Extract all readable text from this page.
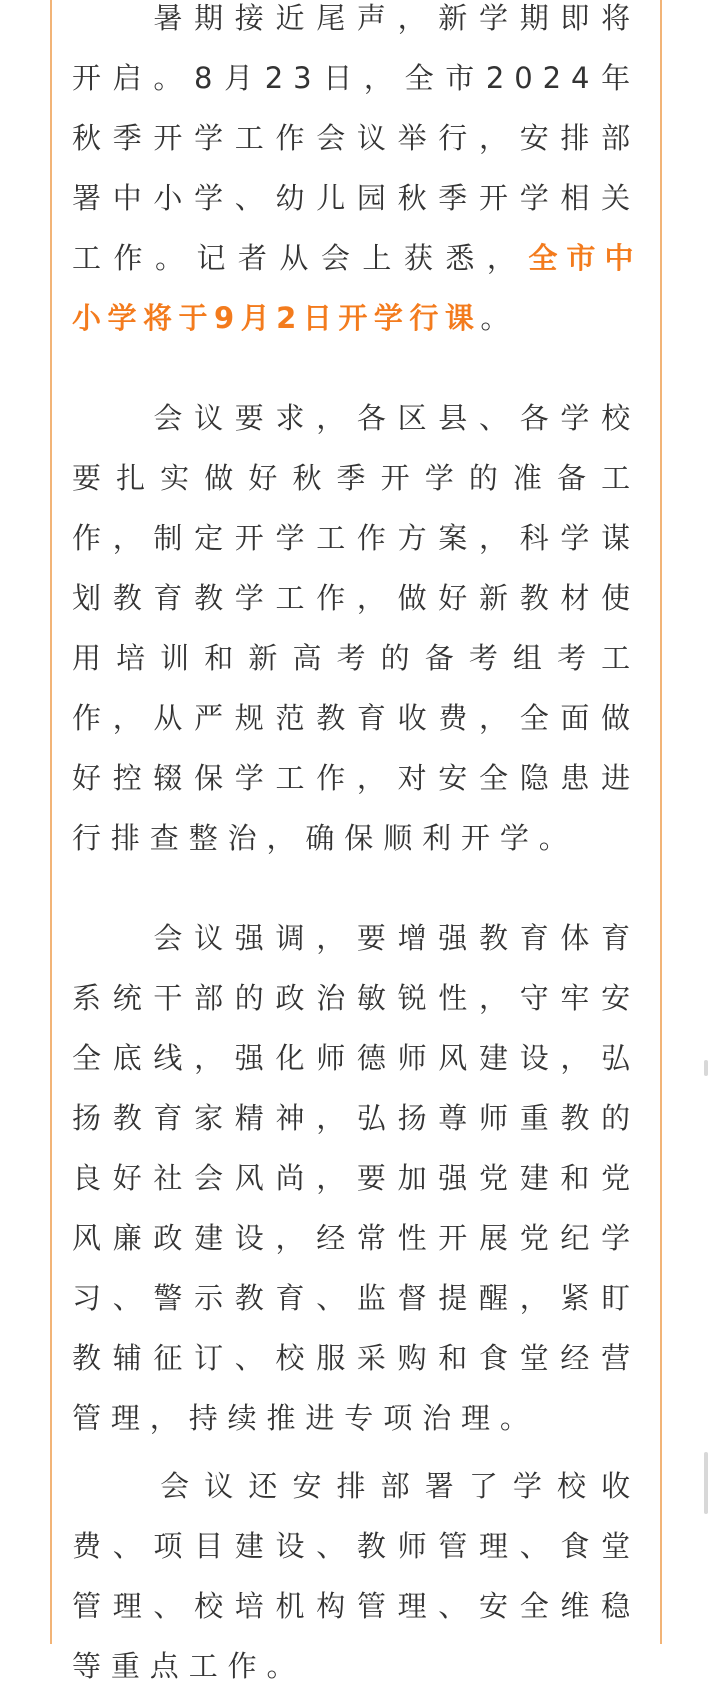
　　暑期接近尾声，新学期即将开启。8月23日，全市2024年秋季开学工作会议举行，安排部署中小学、幼儿园秋季开学相关工作。记者从会上获悉，全市中小学将于9月2日开学行课。

　　会议要求，各区县、各学校要扎实做好秋季开学的准备工作，制定开学工作方案，科学谋划教育教学工作，做好新教材使用培训和新高考的备考组考工作，从严规范教育收费，全面做好控辍保学工作，对安全隐患进行排查整治，确保顺利开学。

　　会议强调，要增强教育体育系统干部的政治敏锐性，守牢安全底线，强化师德师风建设，弘扬教育家精神，弘扬尊师重教的良好社会风尚，要加强党建和党风廉政建设，经常性开展党纪学习、警示教育、监督提醒，紧盯教辅征订、校服采购和食堂经营管理，持续推进专项治理。

　　会议还安排部署了学校收费、项目建设、教师管理、食堂管理、校培机构管理、安全维稳等重点工作。
